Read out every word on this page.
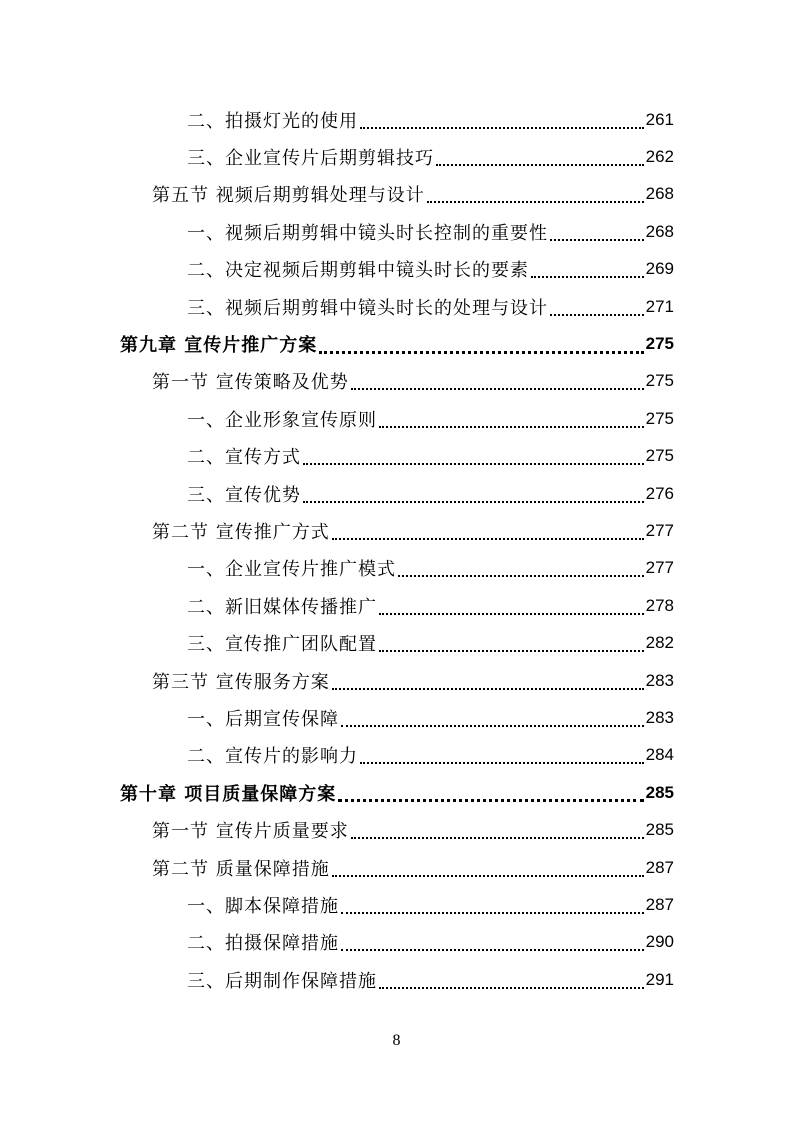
二、拍摄灯光的使用	261
三、企业宣传片后期剪辑技巧	262
第五节 视频后期剪辑处理与设计	268
一、视频后期剪辑中镜头时长控制的重要性	268
二、决定视频后期剪辑中镜头时长的要素	269
三、视频后期剪辑中镜头时长的处理与设计	271
第九章 宣传片推广方案	275
第一节 宣传策略及优势	275
一、企业形象宣传原则	275
二、宣传方式	275
三、宣传优势	276
第二节 宣传推广方式	277
一、企业宣传片推广模式	277
二、新旧媒体传播推广	278
三、宣传推广团队配置	282
第三节 宣传服务方案	283
一、后期宣传保障	283
二、宣传片的影响力	284
第十章 项目质量保障方案	285
第一节 宣传片质量要求	285
第二节 质量保障措施	287
一、脚本保障措施	287
二、拍摄保障措施	290
三、后期制作保障措施	291
8
